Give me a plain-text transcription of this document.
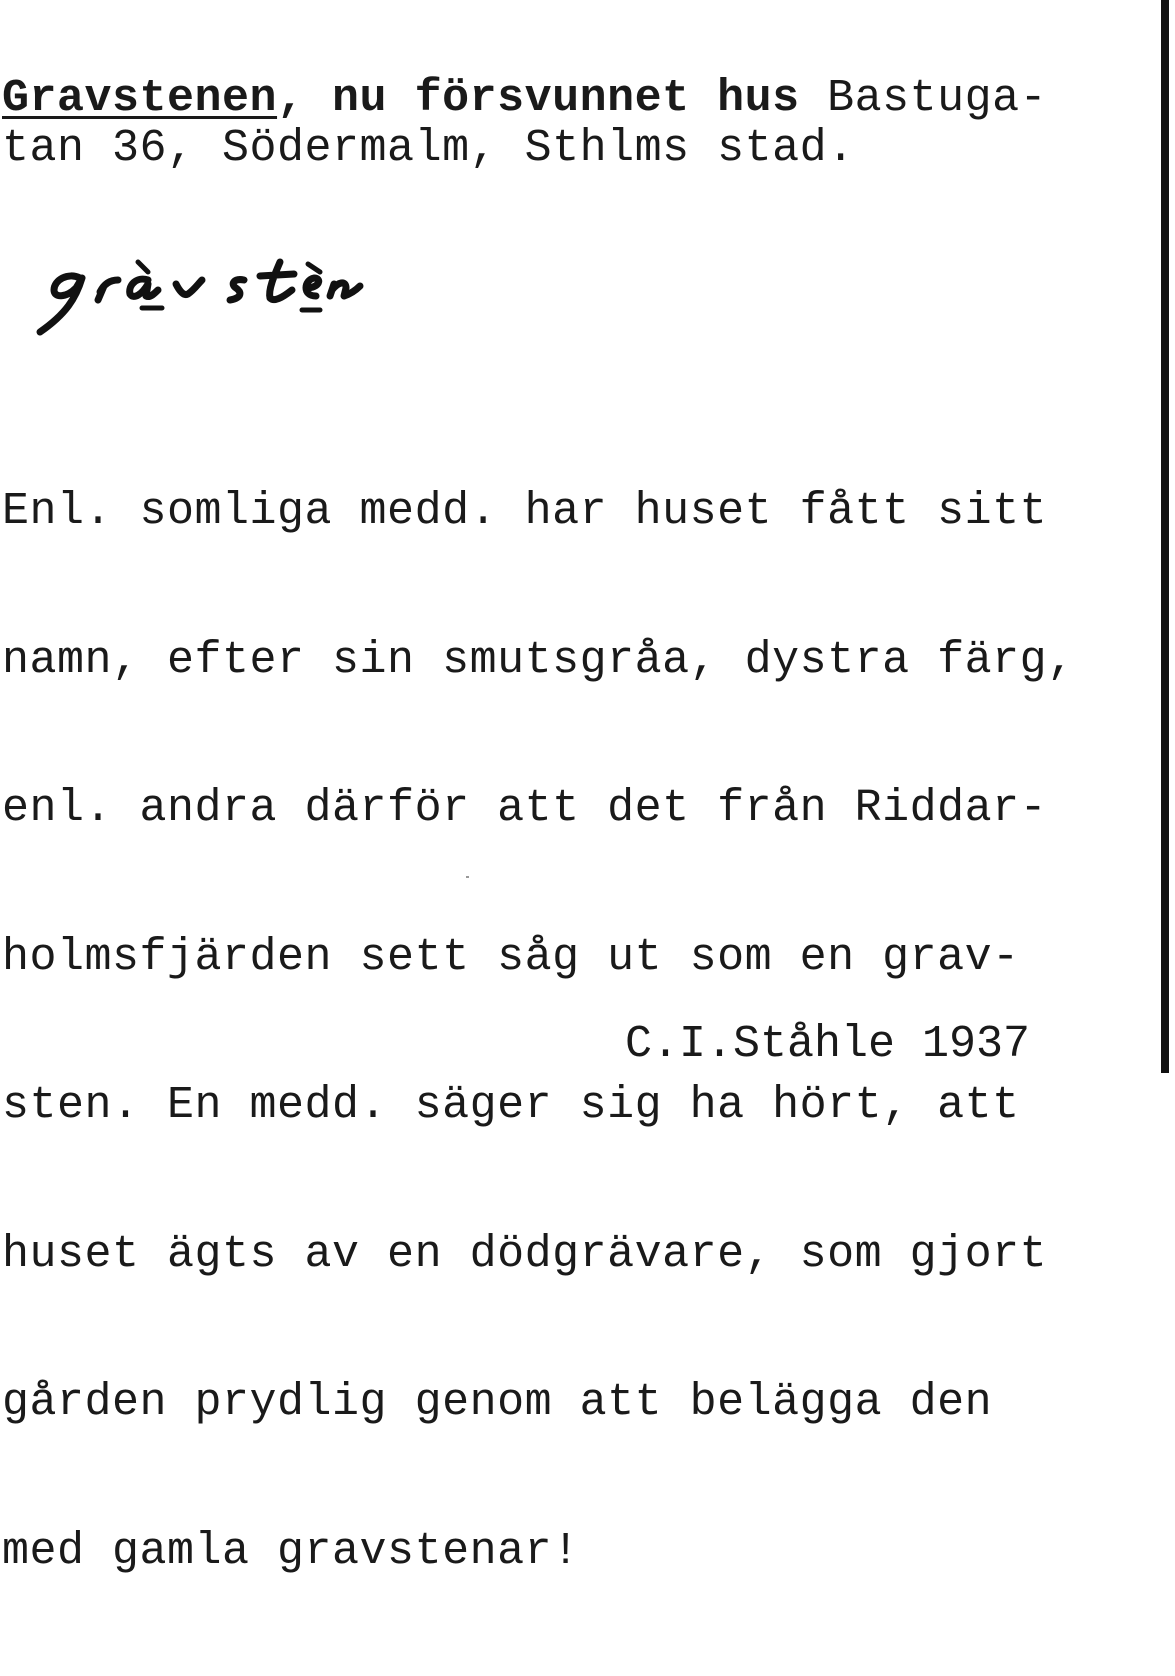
Gravstenen, nu försvunnet hus Bastuga-
tan 36, Södermalm, Sthlms stad.

Enl. somliga medd. har huset fått sitt

namn, efter sin smutsgråa, dystra färg,

enl. andra därför att det från Riddar-

holmsfjärden sett såg ut som en grav-

sten. En medd. säger sig ha hört, att

huset ägts av en dödgrävare, som gjort

gården prydlig genom att belägga den

med gamla gravstenar!

C.I.Ståhle 1937
